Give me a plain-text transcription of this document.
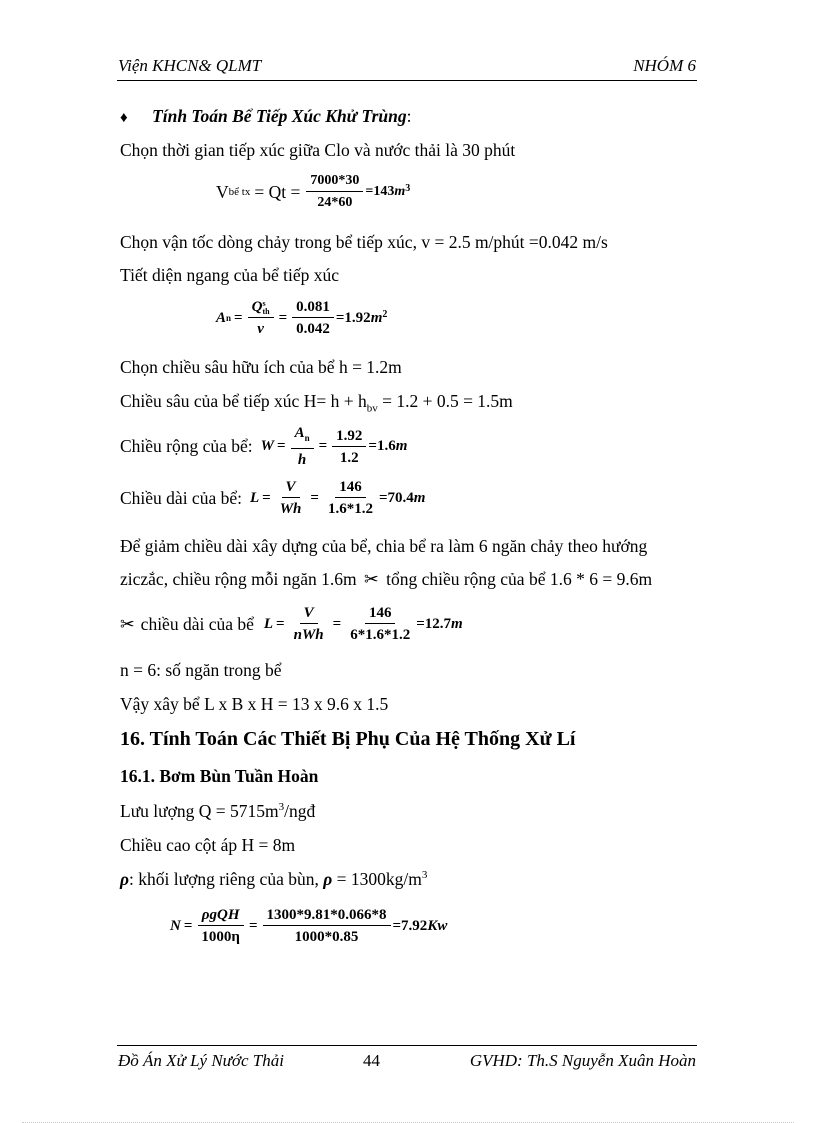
Viện KHCN& QLMT	NHÓM 6
♦ Tính Toán Bể Tiếp Xúc Khử Trùng:
Chọn thời gian tiếp xúc giữa Clo và nước thải là 30 phút
V bể tx = $Qt = \frac{7000*30}{24*60} =143$ $m^3$
Chọn vận tốc dòng chảy trong bể tiếp xúc, v = 2.5 m/phút =0.042 m/s
Tiết diện ngang của bể tiếp xúc
A n = Q s
th
$v = \frac{0.081}{0.042} =1.92$ $m^2$
Chọn chiều sâu hữu ích của bể h = 1.2m
Chiều sâu của bể tiếp xúc $H= h + h_{bv} = 1.2 + 0.5 = 1.5m$
Chiều rộng của bể: $W = \frac{A_n}{h} = \frac{1.92}{1.2} =1.6$ m
Chiều dài của bể: $L = \frac{V}{Wh} = \frac{146}{1.6*1.2} =70.4$ m
Để giảm chiều dài xây dựng của bể, chia bể ra làm 6 ngăn chảy theo hướng
ziczắc, chiều rộng mỗi ngăn 1.6m ✂ tổng chiều rộng của bể 1.6 * 6 = 9.6m
✂ chiều dài của bể $L = \frac{V}{\text{nWh}} = \frac{146}{6*1.6*1.2} =12.7$ m
n = 6: số ngăn trong bể
Vậy xây bể L x B x H = 13 x 9.6 x 1.5
16. Tính Toán Các Thiết Bị Phụ Của Hệ Thống Xử Lí
16.1. Bơm Bùn Tuần Hoàn
Lưu lượng $Q = 5715m^3$/ngđ
Chiều cao cột áp H = 8m
ρ: khối lượng riêng của bùn, $\rho = 1300kg/m^3$
$N = \frac{\text{ρgQH}}{1000\eta} = \frac{1300*9.81*0.066*8}{1000*0.85} =7.92$ Kw
Đồ Án Xử Lý Nước Thải	44	GVHD: Th.S Nguyễn Xuân Hoàn
